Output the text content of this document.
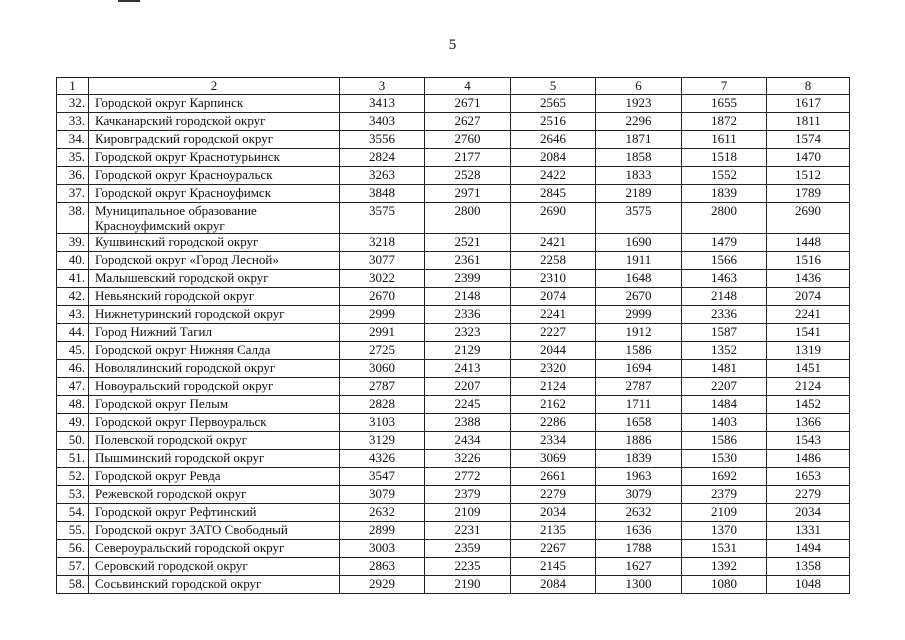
5
1	2	3	4	5	6	7	8
32.	Городской округ Карпинск	3413	2671	2565	1923	1655	1617
33.	Качканарский городской округ	3403	2627	2516	2296	1872	1811
34.	Кировградский городской округ	3556	2760	2646	1871	1611	1574
35.	Городской округ Краснотурьинск	2824	2177	2084	1858	1518	1470
36.	Городской округ Красноуральск	3263	2528	2422	1833	1552	1512
37.	Городской округ Красноуфимск	3848	2971	2845	2189	1839	1789
38.	Муниципальное образование
Красноуфимский округ	3575	2800	2690	3575	2800	2690
39.	Кушвинский городской округ	3218	2521	2421	1690	1479	1448
40.	Городской округ «Город Лесной»	3077	2361	2258	1911	1566	1516
41.	Малышевский городской округ	3022	2399	2310	1648	1463	1436
42.	Невьянский городской округ	2670	2148	2074	2670	2148	2074
43.	Нижнетуринский городской округ	2999	2336	2241	2999	2336	2241
44.	Город Нижний Тагил	2991	2323	2227	1912	1587	1541
45.	Городской округ Нижняя Салда	2725	2129	2044	1586	1352	1319
46.	Новолялинский городской округ	3060	2413	2320	1694	1481	1451
47.	Новоуральский городской округ	2787	2207	2124	2787	2207	2124
48.	Городской округ Пелым	2828	2245	2162	1711	1484	1452
49.	Городской округ Первоуральск	3103	2388	2286	1658	1403	1366
50.	Полевской городской округ	3129	2434	2334	1886	1586	1543
51.	Пышминский городской округ	4326	3226	3069	1839	1530	1486
52.	Городской округ Ревда	3547	2772	2661	1963	1692	1653
53.	Режевской городской округ	3079	2379	2279	3079	2379	2279
54.	Городской округ Рефтинский	2632	2109	2034	2632	2109	2034
55.	Городской округ ЗАТО Свободный	2899	2231	2135	1636	1370	1331
56.	Североуральский городской округ	3003	2359	2267	1788	1531	1494
57.	Серовский городской округ	2863	2235	2145	1627	1392	1358
58.	Сосьвинский городской округ	2929	2190	2084	1300	1080	1048
